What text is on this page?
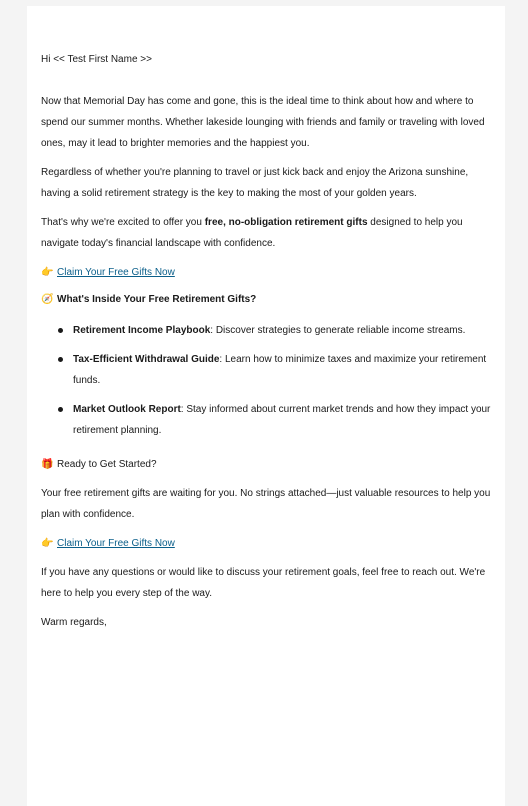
Hi << Test First Name >>

Now that Memorial Day has come and gone, this is the ideal time to think about how and where to spend our summer months. Whether lakeside lounging with friends and family or traveling with loved ones, may it lead to brighter memories and the happiest you.

Regardless of whether you're planning to travel or just kick back and enjoy the Arizona sunshine, having a solid retirement strategy is the key to making the most of your golden years.

That's why we're excited to offer you free, no-obligation retirement gifts designed to help you navigate today's financial landscape with confidence.

👉 Claim Your Free Gifts Now

🧭 What's Inside Your Free Retirement Gifts?

Retirement Income Playbook: Discover strategies to generate reliable income streams.
Tax-Efficient Withdrawal Guide: Learn how to minimize taxes and maximize your retirement funds.
Market Outlook Report: Stay informed about current market trends and how they impact your retirement planning.

🎁 Ready to Get Started?

Your free retirement gifts are waiting for you. No strings attached—just valuable resources to help you plan with confidence.

👉 Claim Your Free Gifts Now

If you have any questions or would like to discuss your retirement goals, feel free to reach out. We're here to help you every step of the way.

Warm regards,
